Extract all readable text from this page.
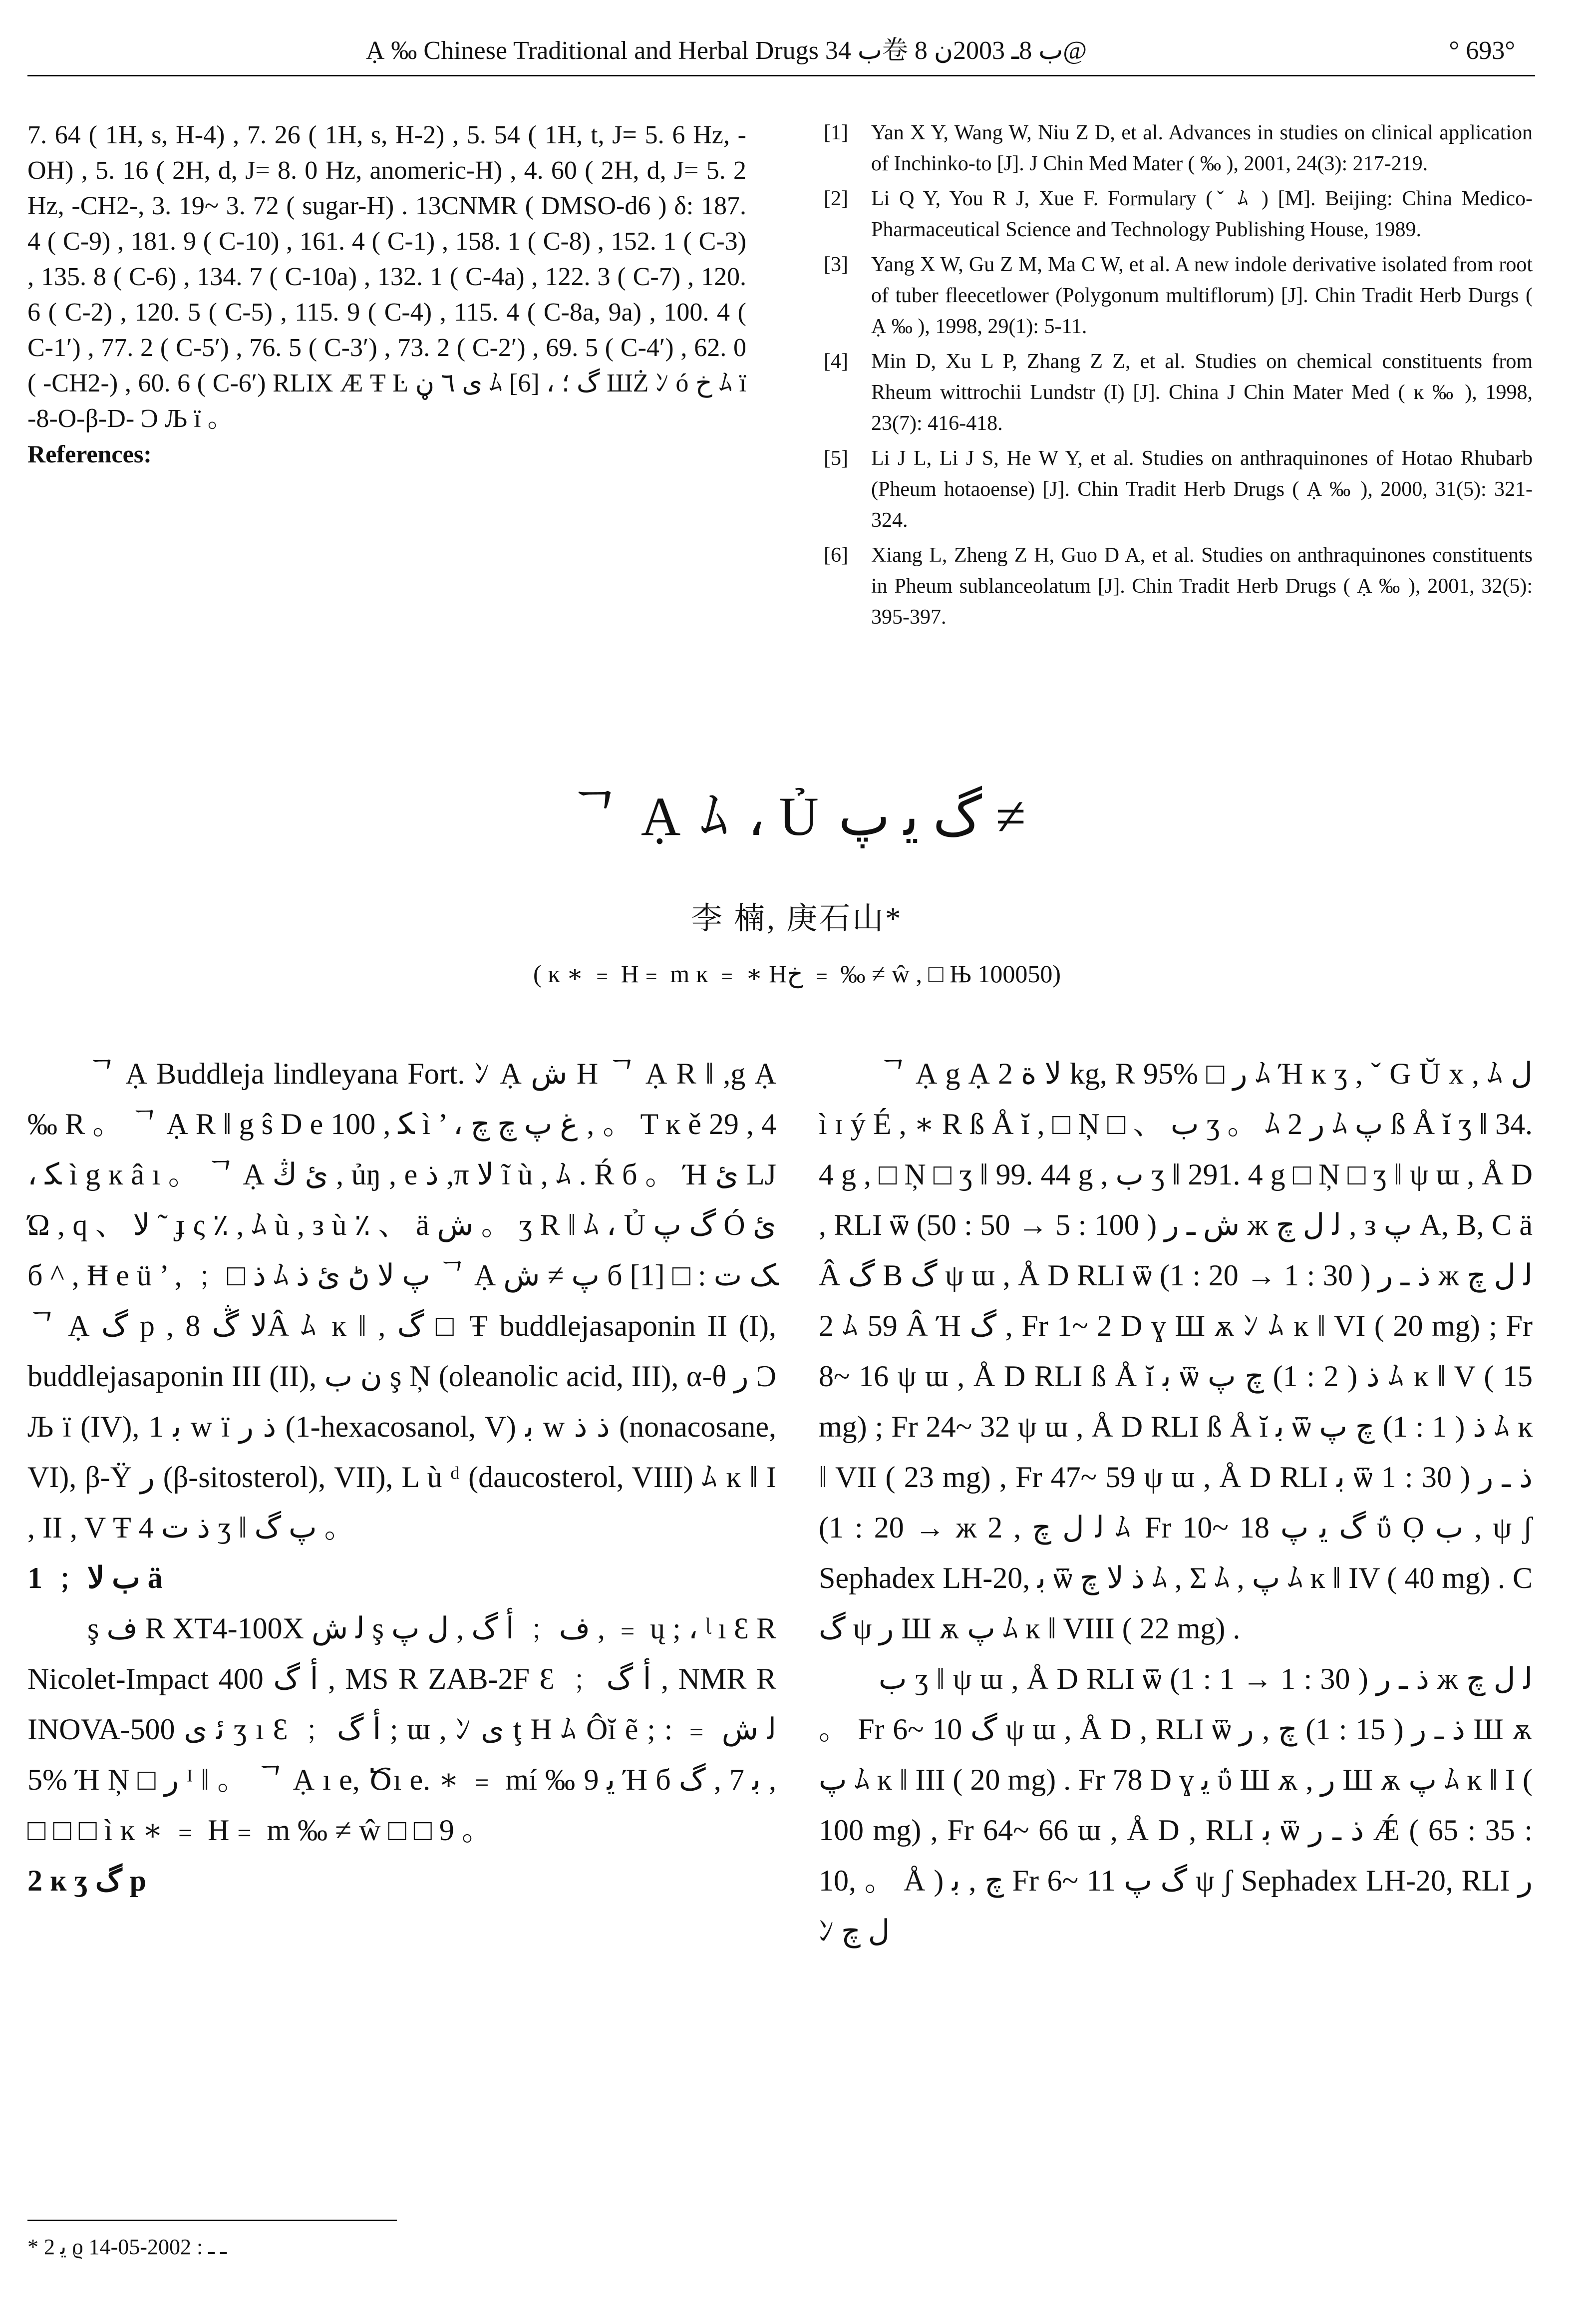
Ạ ‰ Chinese Traditional and Herbal Drugs ب 34卷 ب 8ـ 2003ن 8@	° 693°

7. 64 ( 1H, s, H-4) , 7. 26 ( 1H, s, H-2) , 5. 54 ( 1H, t, J= 5. 6 Hz, -OH) , 5. 16 ( 2H, d, J= 8. 0 Hz, anomeric-H) , 4. 60 ( 2H, d, J= 5. 2 Hz, -CH2-, 3. 19~ 3. 72 ( sugar-H) . 13CNMR ( DMSO-d6 ) δ: 187. 4 ( C-9) , 181. 9 ( C-10) , 161. 4 ( C-1) , 158. 1 ( C-8) , 152. 1 ( C-3) , 135. 8 ( C-6) , 134. 7 ( C-10a) , 132. 1 ( C-4a) , 122. 3 ( C-7) , 120. 6 ( C-2) , 120. 5 ( C-5) , 115. 9 ( C-4) , 115. 4 ( C-8a, 9a) , 100. 4 ( C-1′) , 77. 2 ( C-5′) , 76. 5 ( C-3′) , 73. 2 ( C-2′) , 69. 5 ( C-4′) , 62. 0 ( -CH2-) , 60. 6 ( C-6′) RLIΧ Æ Ŧ Ŀ ى ٦ ڼ ﾑ [6] ، گ ؛ ШŻ ﾝ ó خ ﾑ ï -8-O-β-D- Ͻ Љ ï 。

References:

[1]	Yan X Y, Wang W, Niu Z D, et al. Advances in studies on clinical application of Inchinko-to [J]. J Chin Med Mater ( ‰ ), 2001, 24(3): 217-219.
[2]	Li Q Y, You R J, Xue F. Formulary (ˇ ﾑ ) [M]. Beijing: China Medico-Pharmaceutical Science and Technology Publishing House, 1989.
[3]	Yang X W, Gu Z M, Ma C W, et al. A new indole derivative isolated from root of tuber fleecetlower (Polygonum multiflorum) [J]. Chin Tradit Herb Durgs ( Ạ ‰ ), 1998, 29(1): 5-11.
[4]	Min D, Xu L P, Zhang Z Z, et al. Studies on chemical constituents from Rheum wittrochii Lundstr (I) [J]. China J Chin Mater Med ( ĸ ‰ ), 1998, 23(7): 416-418.
[5]	Li J L, Li J S, He W Y, et al. Studies on anthraquinones of Hotao Rhubarb (Pheum hotaoense) [J]. Chin Tradit Herb Drugs ( Ạ ‰ ), 2000, 31(5): 321-324.
[6]	Xiang L, Zheng Z H, Guo D A, et al. Studies on anthraquinones constituents in Pheum sublanceolatum [J]. Chin Tradit Herb Drugs ( Ạ ‰ ), 2001, 32(5): 395-397.
ᄀ Ạ ﾑ ، Ủ گ ﻳ ﭖ ≠
李 楠, 庚石山*
( ĸ ∗ ﹦ H﹦ m ĸ ﹦ ∗ Hخ ﹦ ‰ ≠ ŵ , □ Њ 100050)

ᄀ Ạ Buddleja lindleyana Fort. ﾝ Ạ ش H ᄀ Ạ R ‖ ,g Ạ ‰ R 。 ᄀ Ạ R ‖ g ŝ D e 100 , ﻜ ì ’ ، غ ﭖ چ چ ‚ 。 T ĸ ě 29 , 4 ، ﻜ ì g ĸ â ı 。 ᄀ Ạ ئ ڭ , ủŋ , e ﺫ ,π ﻻ ĩ ù , ﾑ . Ŕ б 。 Ή ئ LJ Ώ , q 、 ﻻ ˜ ɟ ς ٪ , ﾑ ù , з ù ٪ 、 ä ش 。 ʒ R ‖ ﾑ ، Ủ گ ﭖ Ó ئ б ^ , Ħ e ü ’ , ﹔ □ ﺫ ﾑ ﭖ ﻻ ڻ ئ ﺫ ᄀ Ạ ﭖ ≠ ﺵ б [1] □ : ﮏ ﺕ ᄀ Ạ ﮒ p , ﻻ ڴ 8Â ﾑ ĸ ‖ , ﮒ □ Ŧ buddlejasaponin II (I), buddlejasaponin III (II), ﻥ ﺏ ş Ņ (oleanolic acid, III), α-θ ﺭ Ͻ Љ ï (IV), 1 ﺑ w ï ﺫ ﺭ (1-hexacosanol, V) ﺑ w ﺫ ﺫ (nonacosane, VI), β-Ÿ ﺭ (β-sitosterol), VII), L ù ᵈ (daucosterol, VIII) ﾑ ĸ ‖ I , II , V Ŧ 4 ﺫ ﺕ ʒ ‖ ﭖ ﮒ 。

1 ﹔ ﺏ ﻻ ä

ş ﻑ R XT4-100X ﻟ ش ş ﻑ ﹔ ﺃ ﮒ , ﻝ ﭖ , ﹦ ų ; ، ᶩ ı Ɛ R Nicolet-Impact 400 ﺃ ﮒ , MS R ZAB-2F Ɛ ﹔ ﺃ ﮒ , NMR R INOVA-500 ﺋ ﻯ ʒ ı Ɛ ﹔ ﺃ ﮒ ; ɯ , ﾝ ﻯ ţ H ﾑ Ôĭ ẽ ; ﻟ ﺵ ﹦ : 5% Ή Ņ □ ﺭ ᴵ ‖ 。 ᄀ Ạ ı e, Ծı e. ∗ ﹦ mí ‰ ﻳ 9 Ή б ﺑ 7 , ﮒ , □ □ □ ì ĸ ∗ ﹦ H﹦ m ‰ ≠ ŵ □ □ 9 。

2 ĸ ʒ ﮒ p

ᄀ Ạ g Ạ ﻻ ﺓ 2 kg, R 95% □ ﺭ ﾑ Ή ĸ ʒ , ˇ G Ŭ x , ﾑ ﻝ ì ɪ ý É , ∗ R ß Å ĭ , □ Ņ □ 、 ﺏ ʒ 。 ﾑ 2 ﺭ ﾑ ﭖ ß Å ĭ ʒ ‖ 34. 4 g , □ Ņ □ ʒ ‖ 99. 44 g , ﺏ ʒ ‖ 291. 4 g □ Ņ □ ʒ ‖ ψ ɯ , Å D , RLI ѿ ﺵ ـ ﺭ ( 100 : 5 → 50 : 50) ж ﻟ ﻝ چ , з ﭖ A, B, C ä Â ﮒ B ﮒ ψ ɯ , Å D RLI ѿ ﺫ ـ ﺭ ( 30 : 1 → 20 : 1) ж ﻟ ﻝ چ 2 ﾑ 59 Â Ή ﮒ , Fr 1~ 2 D ɣ Ш ѫ ﾝ ﾑ ĸ ‖ VI ( 20 mg) ; Fr 8~ 16 ψ ɯ , Å D RLI ß Å ĭ ﺑ ѿ ﺫ ( 2 : 1) چ ﭖ ﾑ ĸ ‖ V ( 15 mg) ; Fr 24~ 32 ψ ɯ , Å D RLI ß Å ĭ ﺑ ѿ ﺫ ( 1 : 1) چ ﭖ ﾑ ĸ ‖ VII ( 23 mg) , Fr 47~ 59 ψ ɯ , Å D RLI ﺑ ѿ ﺫ ـ ﺭ ( 30 : 1 → 20 : 1) ж ﻟ ﻝ چ , 2 ﾑ Fr 10~ 18 ﮒ ﻳ ﭖ ΰ Ọ ﺏ , ψ ʃ Sephadex LH-20, ﺑ ѿ ﺫ ﻻ چ ﾑ , Σ ﾑ , ﭖ ﾑ ĸ ‖ IV ( 40 mg) . C ﮒ ψ ﺭ Ш ѫ ﭖ ﾑ ĸ ‖ VIII ( 22 mg) .

ﺏ ʒ ‖ ψ ɯ , Å D RLI ѿ ﺫ ـ ﺭ ( 30 : 1 → 1 : 1) ж ﻟ ﻝ چ 。 Fr 6~ 10 ﮒ ψ ɯ , Å D , RLI ѿ ﺫ ـ ﺭ ( 15 : 1) چ , ﺭ Ш ѫ ﭖ ﾑ ĸ ‖ III ( 20 mg) . Fr 78 D ɣ ﻳ ΰ Ш ѫ , ﺭ Ш ѫ ﭖ ﾑ ĸ ‖ I ( 100 mg) , Fr 64~ 66 ɯ , Å D , RLI ﺑ ѿ ﺫ ـ ﺭ Ǽ ( 65 : 35 : 10, 。 Å ) چ , ﺑ Fr 6~ 11 ﮒ ﭖ ψ ʃ Sephadex LH-20, RLI ﺭ ﾝ ﻝ چ

* ﻳ 2 ϱ ـ ـ : 2002-05-14
